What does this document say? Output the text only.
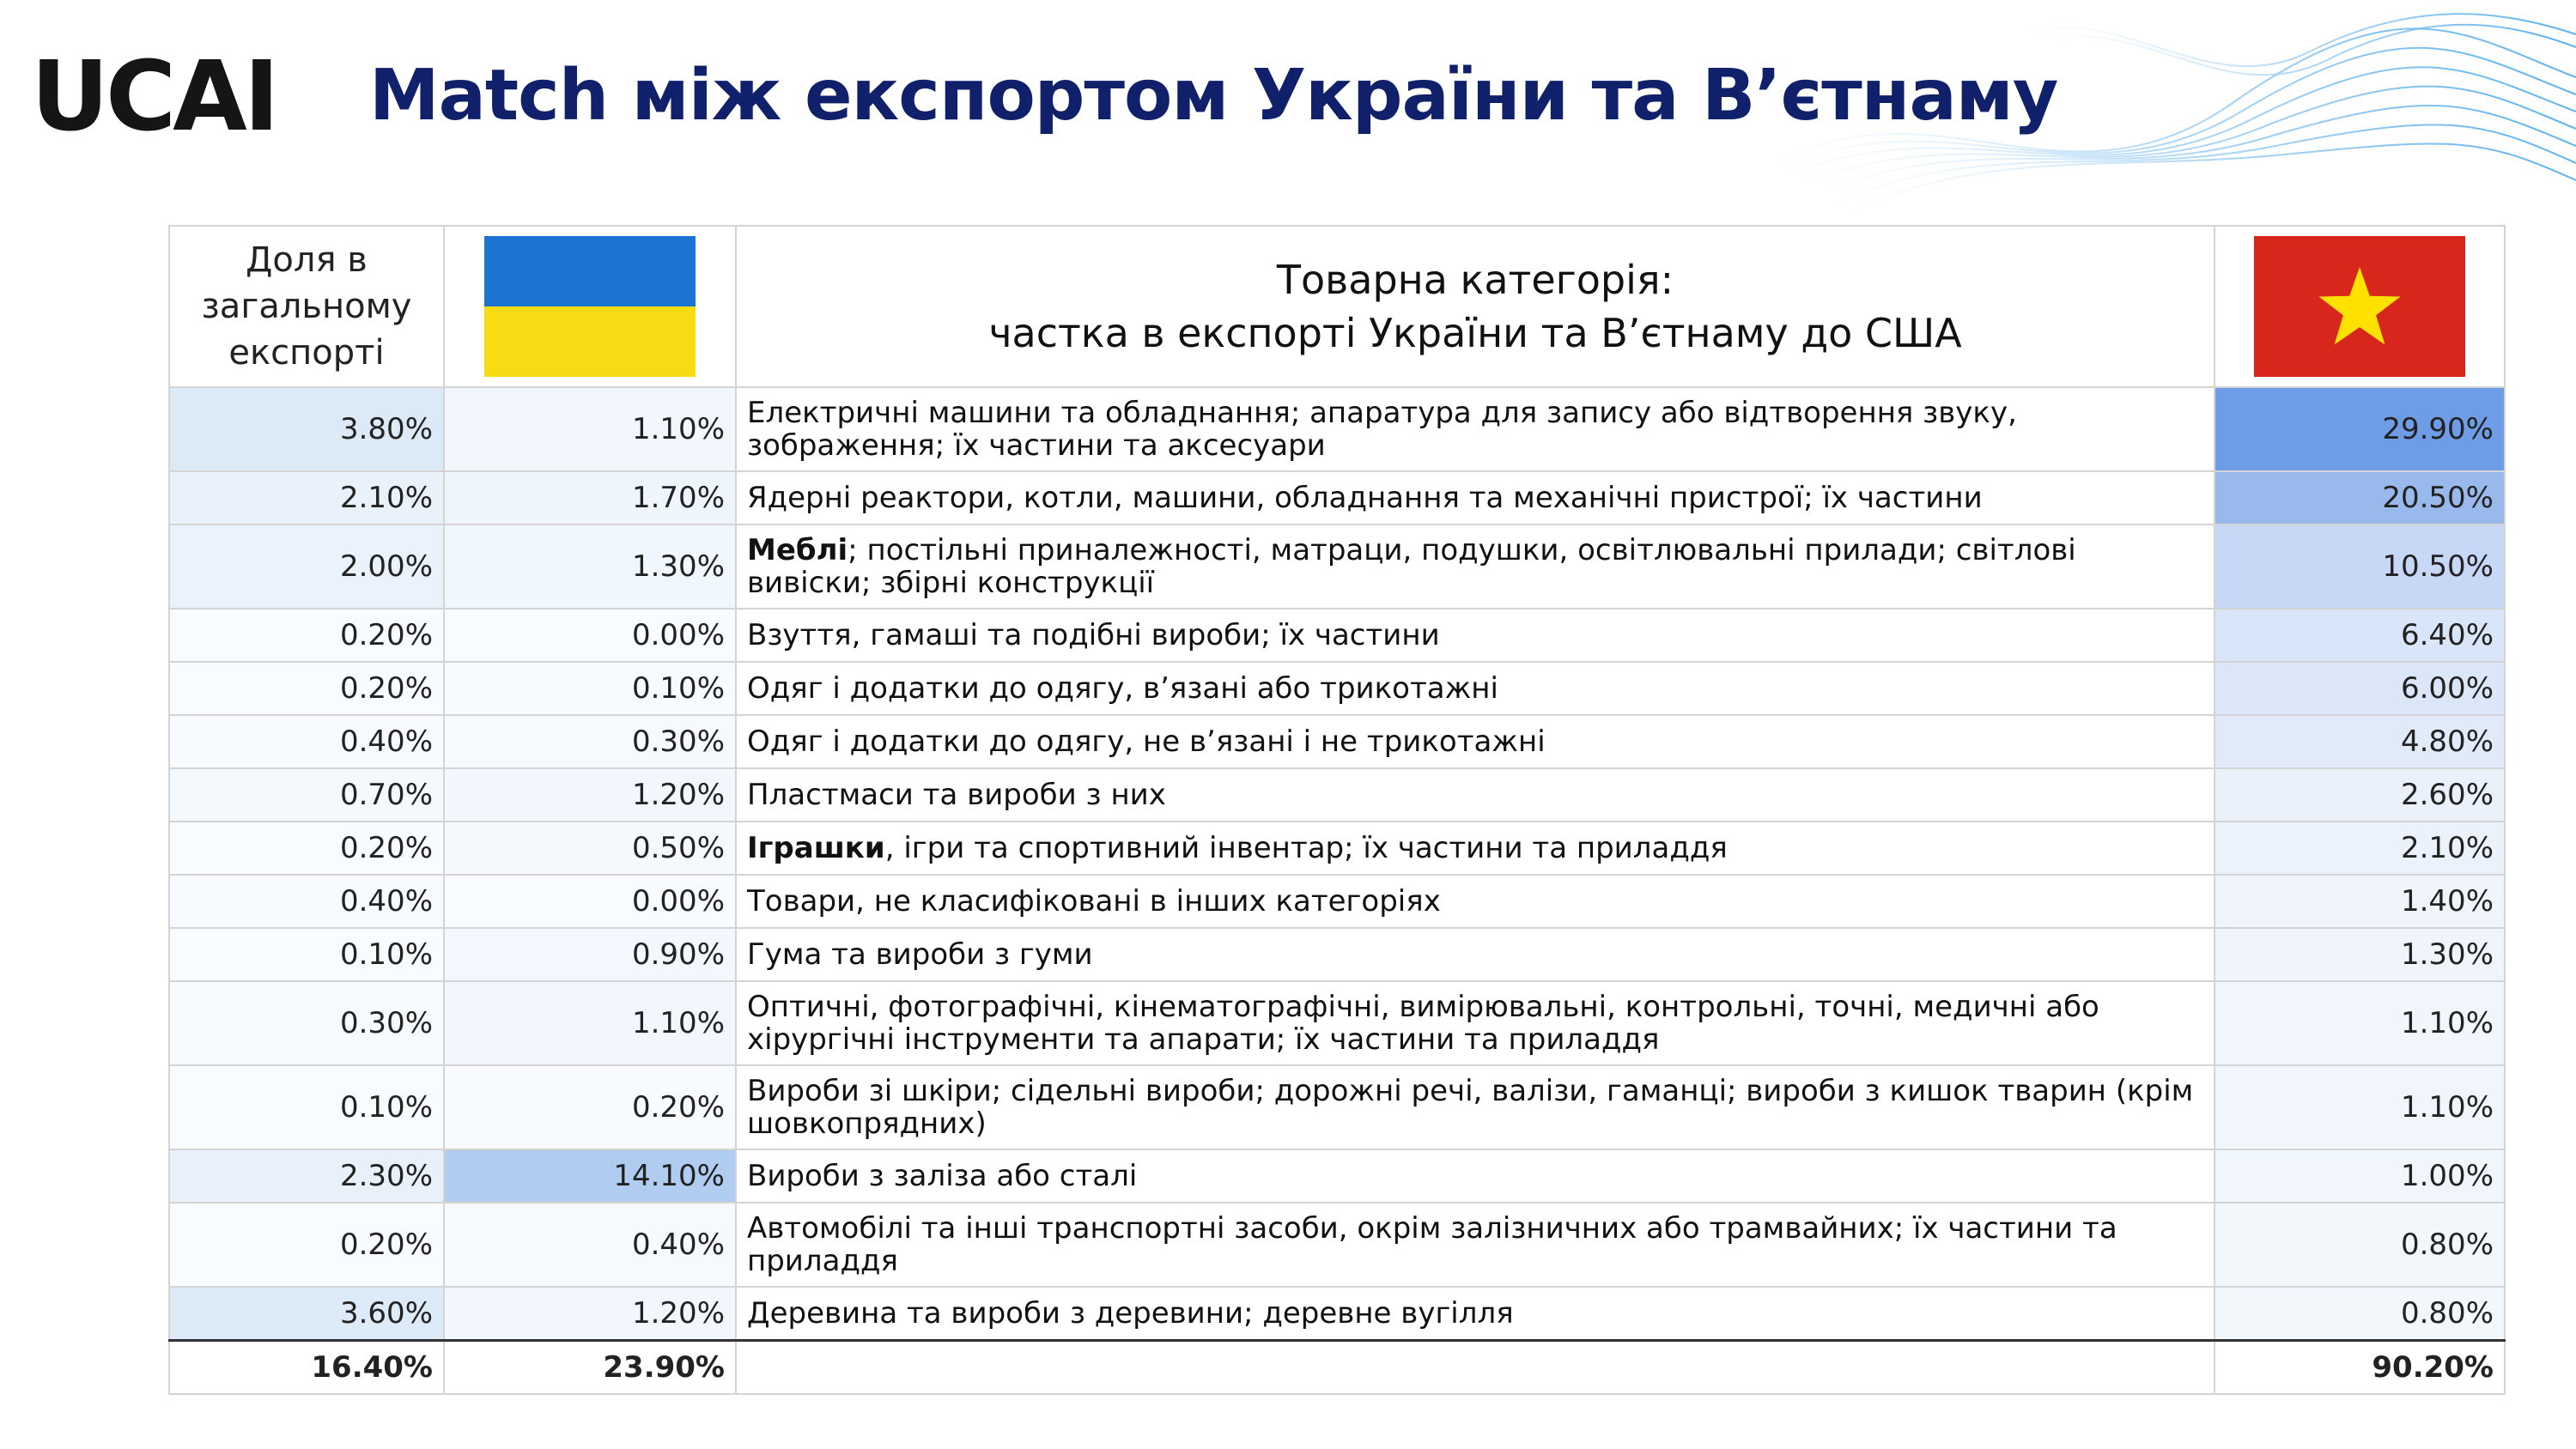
UCAI Match між експортом України та В’єтнаму
Доля в загальному експорті		Товарна категорія:
частка в експорті України та В’єтнаму до США

3.80%	1.10%	Електричні машини та обладнання; апаратура для запису або відтворення звуку, зображення; їх частини та аксесуари	29.90%
2.10%	1.70%	Ядерні реактори, котли, машини, обладнання та механічні пристрої; їх частини	20.50%
2.00%	1.30%	Меблі; постільні приналежності, матраци, подушки, освітлювальні прилади; світлові вивіски; збірні конструкції	10.50%
0.20%	0.00%	Взуття, гамаші та подібні вироби; їх частини	6.40%
0.20%	0.10%	Одяг і додатки до одягу, в’язані або трикотажні	6.00%
0.40%	0.30%	Одяг і додатки до одягу, не в’язані і не трикотажні	4.80%
0.70%	1.20%	Пластмаси та вироби з них	2.60%
0.20%	0.50%	Іграшки, ігри та спортивний інвентар; їх частини та приладдя	2.10%
0.40%	0.00%	Товари, не класифіковані в інших категоріях	1.40%
0.10%	0.90%	Гума та вироби з гуми	1.30%
0.30%	1.10%	Оптичні, фотографічні, кінематографічні, вимірювальні, контрольні, точні, медичні або хірургічні інструменти та апарати; їх частини та приладдя	1.10%
0.10%	0.20%	Вироби зі шкіри; сідельні вироби; дорожні речі, валізи, гаманці; вироби з кишок тварин (крім шовкопрядних)	1.10%
2.30%	14.10%	Вироби з заліза або сталі	1.00%
0.20%	0.40%	Автомобілі та інші транспортні засоби, окрім залізничних або трамвайних; їх частини та приладдя	0.80%
3.60%	1.20%	Деревина та вироби з деревини; деревне вугілля	0.80%
16.40%	23.90%		90.20%
